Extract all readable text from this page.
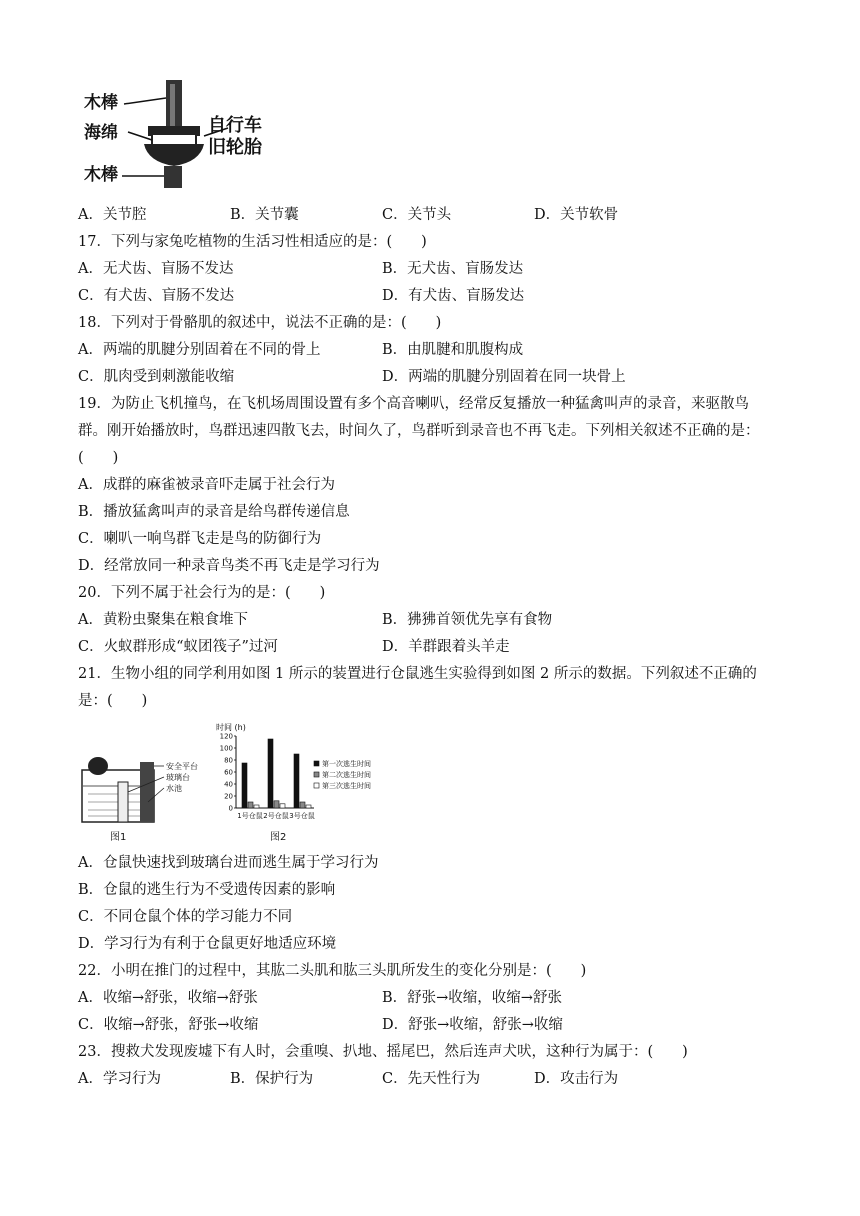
木棒
海绵
木棒
自行车
旧轮胎
A．关节腔	B．关节囊	C．关节头	D．关节软骨
17．下列与家兔吃植物的生活习性相适应的是：(　　)
A．无犬齿、盲肠不发达	B．无犬齿、盲肠发达
C．有犬齿、盲肠不发达	D．有犬齿、盲肠发达
18．下列对于骨骼肌的叙述中，说法不正确的是：(　　)
A．两端的肌腱分别固着在不同的骨上	B．由肌腱和肌腹构成
C．肌肉受到刺激能收缩	D．两端的肌腱分别固着在同一块骨上
19．为防止飞机撞鸟，在飞机场周围设置有多个高音喇叭，经常反复播放一种猛禽叫声的录音，来驱散鸟
群。刚开始播放时，鸟群迅速四散飞去，时间久了，鸟群听到录音也不再飞走。下列相关叙述不正确的是：
(　　)
A．成群的麻雀被录音吓走属于社会行为
B．播放猛禽叫声的录音是给鸟群传递信息
C．喇叭一响鸟群飞走是鸟的防御行为
D．经常放同一种录音鸟类不再飞走是学习行为
20．下列不属于社会行为的是：(　　)
A．黄粉虫聚集在粮食堆下	B．狒狒首领优先享有食物
C．火蚁群形成“蚁团筏子”过河	D．羊群跟着头羊走
21．生物小组的同学利用如图 1 所示的装置进行仓鼠逃生实验得到如图 2 所示的数据。下列叙述不正确的
是：(　　)
安全平台
玻璃台
水池
图1
时间 (h)
0
20
40
60
80
100
120
1号仓鼠 2号仓鼠 3号仓鼠
第一次逃生时间
第二次逃生时间
第三次逃生时间
图2
A．仓鼠快速找到玻璃台进而逃生属于学习行为
B．仓鼠的逃生行为不受遗传因素的影响
C．不同仓鼠个体的学习能力不同
D．学习行为有利于仓鼠更好地适应环境
22．小明在推门的过程中，其肱二头肌和肱三头肌所发生的变化分别是：(　　)
A．收缩→舒张，收缩→舒张	B．舒张→收缩，收缩→舒张
C．收缩→舒张，舒张→收缩	D．舒张→收缩，舒张→收缩
23．搜救犬发现废墟下有人时，会重嗅、扒地、摇尾巴，然后连声犬吠，这种行为属于：(　　)
A．学习行为	B．保护行为	C．先天性行为	D．攻击行为
